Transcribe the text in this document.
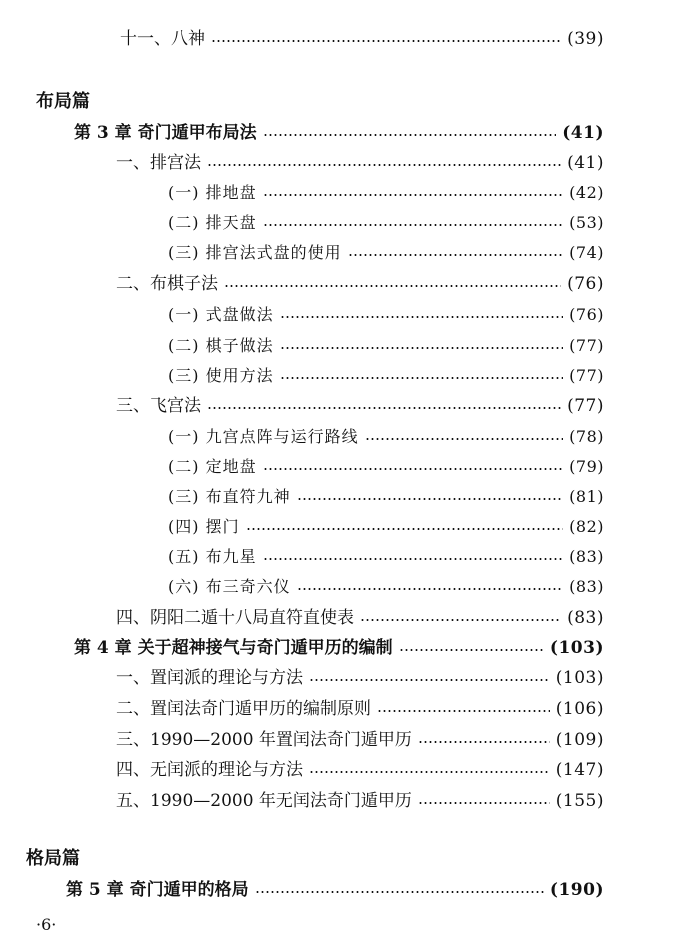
十一、八神	(39)
布局篇
第 3 章 奇门遁甲布局法	(41)
一、排宫法	(41)
(一) 排地盘	(42)
(二) 排天盘	(53)
(三) 排宫法式盘的使用	(74)
二、布棋子法	(76)
(一) 式盘做法	(76)
(二) 棋子做法	(77)
(三) 使用方法	(77)
三、飞宫法	(77)
(一) 九宫点阵与运行路线	(78)
(二) 定地盘	(79)
(三) 布直符九神	(81)
(四) 摆门	(82)
(五) 布九星	(83)
(六) 布三奇六仪	(83)
四、阴阳二遁十八局直符直使表	(83)
第 4 章 关于超神接气与奇门遁甲历的编制	(103)
一、置闰派的理论与方法	(103)
二、置闰法奇门遁甲历的编制原则	(106)
三、1990—2000 年置闰法奇门遁甲历	(109)
四、无闰派的理论与方法	(147)
五、1990—2000 年无闰法奇门遁甲历	(155)
格局篇
第 5 章 奇门遁甲的格局	(190)
·6·
